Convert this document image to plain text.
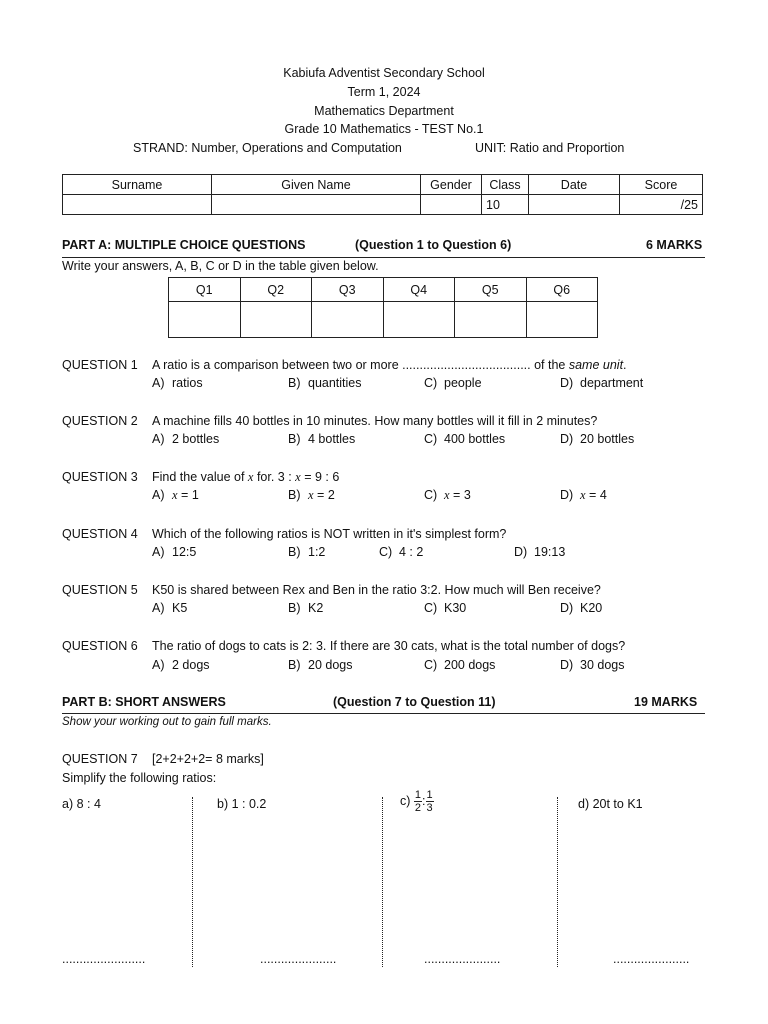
Kabiufa Adventist Secondary School
Term 1, 2024
Mathematics Department
Grade 10 Mathematics - TEST No.1
STRAND: Number, Operations and Computation	UNIT: Ratio and Proportion
Surname	Given Name	Gender	Class	Date	Score
			10		/25
PART A: MULTIPLE CHOICE QUESTIONS	(Question 1 to Question 6)	6 MARKS
Write your answers, A, B, C or D in the table given below.
Q1	Q2	Q3	Q4	Q5	Q6

QUESTION 1 A ratio is a comparison between two or more ..................................... of the same unit.
A) ratios	B) quantities	C) people	D) department
QUESTION 2 A machine fills 40 bottles in 10 minutes. How many bottles will it fill in 2 minutes?
A) 2 bottles	B) 4 bottles	C) 400 bottles	D) 20 bottles
QUESTION 3 Find the value of x for. 3 : x = 9 : 6
A) x = 1	B) x = 2	C) x = 3	D) x = 4
QUESTION 4 Which of the following ratios is NOT written in it's simplest form?
A) 12:5	B) 1:2	C) 4 : 2	D) 19:13
QUESTION 5 K50 is shared between Rex and Ben in the ratio 3:2. How much will Ben receive?
A) K5	B) K2	C) K30	D) K20
QUESTION 6 The ratio of dogs to cats is 2: 3. If there are 30 cats, what is the total number of dogs?
A) 2 dogs	B) 20 dogs	C) 200 dogs	D) 30 dogs
PART B: SHORT ANSWERS	(Question 7 to Question 11)	19 MARKS
Show your working out to gain full marks.
QUESTION 7 [2+2+2+2= 8 marks]
Simplify the following ratios:
a) 8 : 4	b) 1 : 0.2	$c) \frac{1}{2}$ : $\frac{1}{3}$	d) 20t to K1
........................	......................	......................	......................
